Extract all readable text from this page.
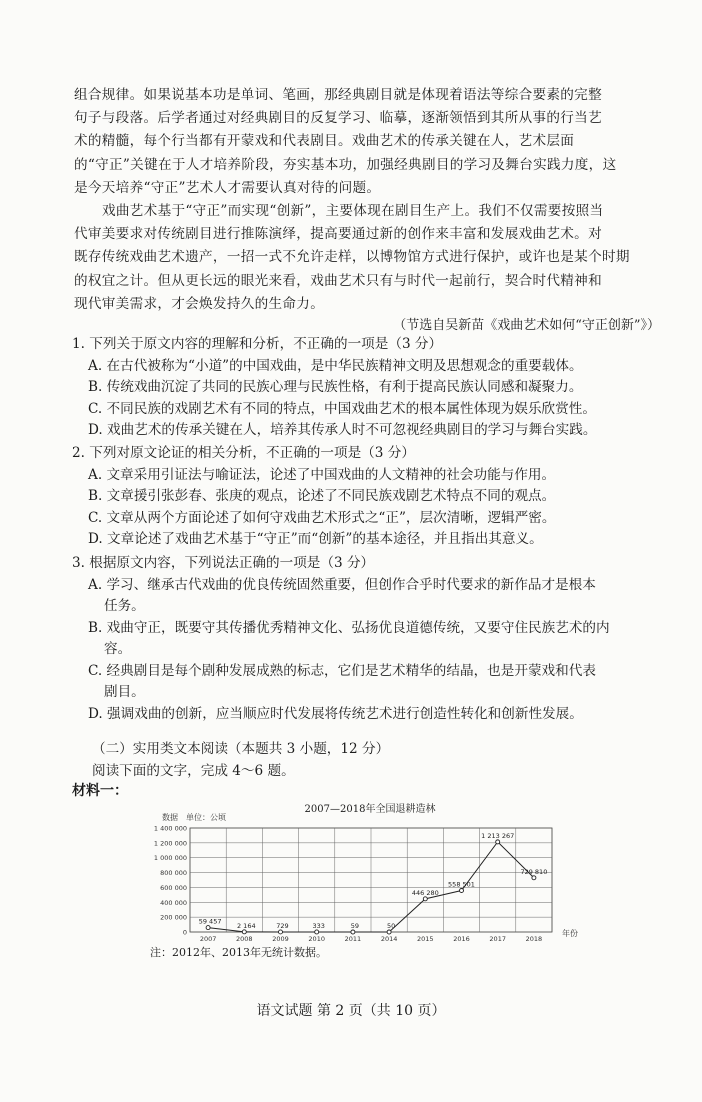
组合规律。如果说基本功是单词、笔画，那经典剧目就是体现着语法等综合要素的完整
句子与段落。后学者通过对经典剧目的反复学习、临摹，逐渐领悟到其所从事的行当艺
术的精髓，每个行当都有开蒙戏和代表剧目。戏曲艺术的传承关键在人，艺术层面
的“守正”关键在于人才培养阶段，夯实基本功，加强经典剧目的学习及舞台实践力度，这
是今天培养“守正”艺术人才需要认真对待的问题。
戏曲艺术基于“守正”而实现“创新”，主要体现在剧目生产上。我们不仅需要按照当
代审美要求对传统剧目进行推陈演绎，提高要通过新的创作来丰富和发展戏曲艺术。对
既存传统戏曲艺术遗产，一招一式不允许走样，以博物馆方式进行保护，或许也是某个时期
的权宜之计。但从更长远的眼光来看，戏曲艺术只有与时代一起前行，契合时代精神和
现代审美需求，才会焕发持久的生命力。
（节选自吴新苗《戏曲艺术如何“守正创新”》）
1. 下列关于原文内容的理解和分析，不正确的一项是（3 分）
A. 在古代被称为“小道”的中国戏曲，是中华民族精神文明及思想观念的重要载体。
B. 传统戏曲沉淀了共同的民族心理与民族性格，有利于提高民族认同感和凝聚力。
C. 不同民族的戏剧艺术有不同的特点，中国戏曲艺术的根本属性体现为娱乐欣赏性。
D. 戏曲艺术的传承关键在人，培养其传承人时不可忽视经典剧目的学习与舞台实践。
2. 下列对原文论证的相关分析，不正确的一项是（3 分）
A. 文章采用引证法与喻证法，论述了中国戏曲的人文精神的社会功能与作用。
B. 文章援引张彭春、张庚的观点，论述了不同民族戏剧艺术特点不同的观点。
C. 文章从两个方面论述了如何守戏曲艺术形式之“正”，层次清晰，逻辑严密。
D. 文章论述了戏曲艺术基于“守正”而“创新”的基本途径，并且指出其意义。
3. 根据原文内容，下列说法正确的一项是（3 分）
A. 学习、继承古代戏曲的优良传统固然重要，但创作合乎时代要求的新作品才是根本
任务。
B. 戏曲守正，既要守其传播优秀精神文化、弘扬优良道德传统，又要守住民族艺术的内
容。
C. 经典剧目是每个剧种发展成熟的标志，它们是艺术精华的结晶，也是开蒙戏和代表
剧目。
D. 强调戏曲的创新，应当顺应时代发展将传统艺术进行创造性转化和创新性发展。
（二）实用类文本阅读（本题共 3 小题，12 分）
阅读下面的文字，完成 4～6 题。
材料一：
2007—2018年全国退耕造林
数据　单位：公顷
年份
0
200 000
400 000
600 000
800 000
1 000 000
1 200 000
1 400 000
2007	2008	2009	2010	2011	2014	2015	2016	2017	2018
59 457
2 164	729	333	59	50
446 280
558 501
1 213 267
729 810
注：2012年、2013年无统计数据。
语文试题 第 2 页（共 10 页）
